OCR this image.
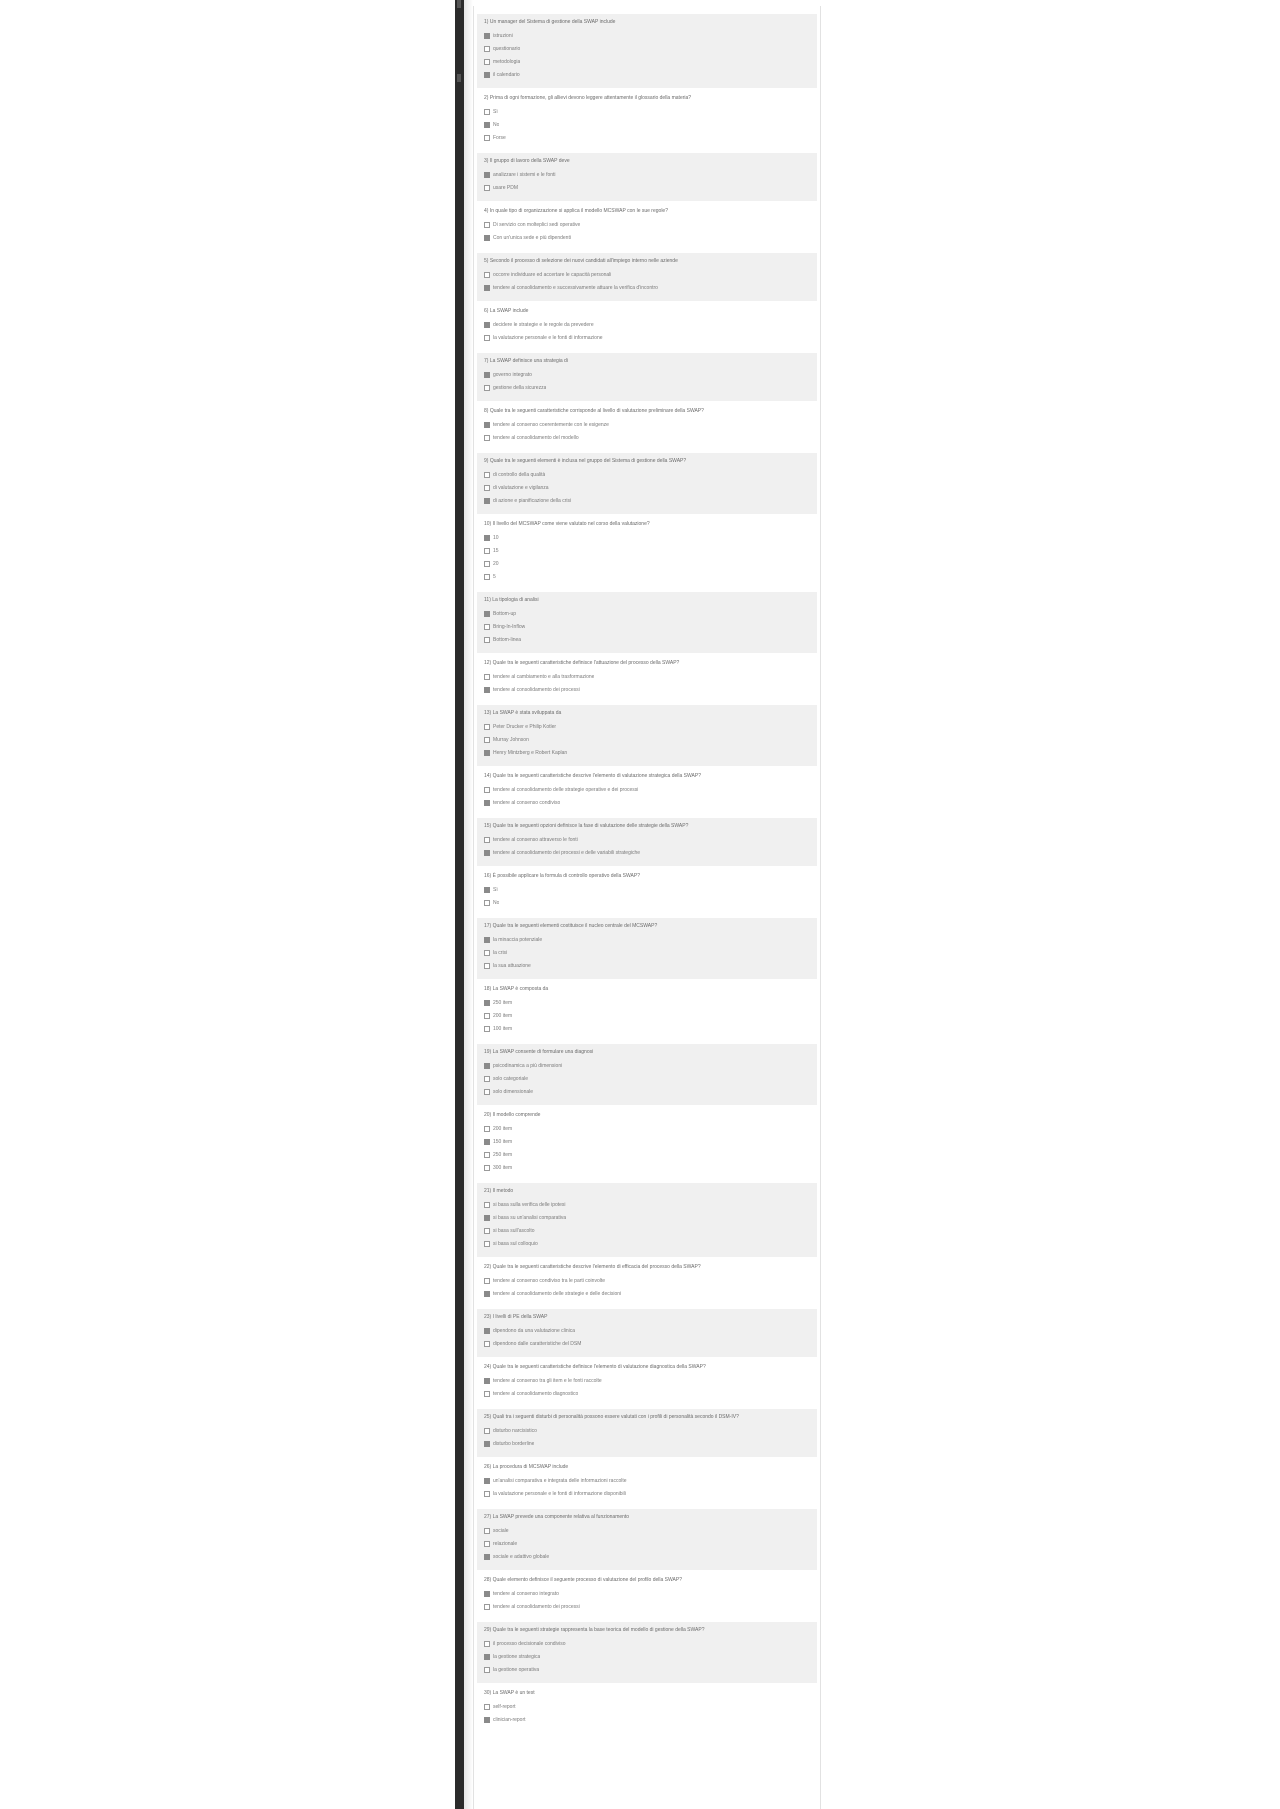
1) Un manager del Sistema di gestione della SWAP include
istruzioni
questionario
metodologia
il calendario
2) Prima di ogni formazione, gli allievi devono leggere attentamente il glossario della materia?
Sì
No
Forse
3) Il gruppo di lavoro della SWAP deve
analizzare i sistemi e le fonti
usare PDM
4) In quale tipo di organizzazione si applica il modello MCSWAP con le sue regole?
Di servizio con molteplici sedi operative
Con un'unica sede e più dipendenti
5) Secondo il processo di selezione dei nuovi candidati all'impiego interno nelle aziende
occorre individuare ed accertare le capacità personali
tendere al consolidamento e successivamente attuare la verifica d'incontro
6) La SWAP include
decidere le strategie e le regole da prevedere
la valutazione personale e le fonti di informazione
7) La SWAP definisce una strategia di
governo integrato
gestione della sicurezza
8) Quale tra le seguenti caratteristiche corrisponde al livello di valutazione preliminare della SWAP?
tendere al consenso coerentemente con le esigenze
tendere al consolidamento del modello
9) Quale tra le seguenti elementi è inclusa nel gruppo del Sistema di gestione della SWAP?
di controllo della qualità
di valutazione e vigilanza
di azione e pianificazione della crisi
10) Il livello del MCSWAP come viene valutato nel corso della valutazione?
10
15
20
5
11) La tipologia di analisi
Bottom-up
Bring-In-Inflow
Bottom-linea
12) Quale tra le seguenti caratteristiche definisce l'attuazione del processo della SWAP?
tendere al cambiamento e alla trasformazione
tendere al consolidamento dei processi
13) La SWAP è stata sviluppata da
Peter Drucker e Philip Kotler
Murray Johnson
Henry Mintzberg e Robert Kaplan
14) Quale tra le seguenti caratteristiche descrive l'elemento di valutazione strategica della SWAP?
tendere al consolidamento delle strategie operative e dei processi
tendere al consenso condiviso
15) Quale tra le seguenti opzioni definisce la fase di valutazione delle strategie della SWAP?
tendere al consenso attraverso le fonti
tendere al consolidamento dei processi e delle variabili strategiche
16) È possibile applicare la formula di controllo operativo della SWAP?
Sì
No
17) Quale tra le seguenti elementi costituisce il nucleo centrale del MCSWAP?
la minaccia potenziale
la crisi
la sua attuazione
18) La SWAP è composta da
250 item
200 item
100 item
19) La SWAP consente di formulare una diagnosi
psicodinamica a più dimensioni
solo categoriale
solo dimensionale
20) Il modello comprende
200 item
150 item
250 item
300 item
21) Il metodo
si basa sulla verifica delle ipotesi
si basa su un'analisi comparativa
si basa sull'ascolto
si basa sul colloquio
22) Quale tra le seguenti caratteristiche descrive l'elemento di efficacia del processo della SWAP?
tendere al consenso condiviso tra le parti coinvolte
tendere al consolidamento delle strategie e delle decisioni
23) I livelli di PE della SWAP
dipendono da una valutazione clinica
dipendono dalle caratteristiche del DSM
24) Quale tra le seguenti caratteristiche definisce l'elemento di valutazione diagnostica della SWAP?
tendere al consenso tra gli item e le fonti raccolte
tendere al consolidamento diagnostico
25) Quali tra i seguenti disturbi di personalità possono essere valutati con i profili di personalità secondo il DSM-IV?
disturbo narcisistico
disturbo borderline
26) La procedura di MCSWAP include
un'analisi comparativa e integrata delle informazioni raccolte
la valutazione personale e le fonti di informazione disponibili
27) La SWAP prevede una componente relativa al funzionamento
sociale
relazionale
sociale e adattivo globale
28) Quale elemento definisce il seguente processo di valutazione del profilo della SWAP?
tendere al consenso integrato
tendere al consolidamento dei processi
29) Quale tra le seguenti strategie rappresenta la base teorica del modello di gestione della SWAP?
il processo decisionale condiviso
la gestione strategica
la gestione operativa
30) La SWAP è un test
self-report
clinician-report
